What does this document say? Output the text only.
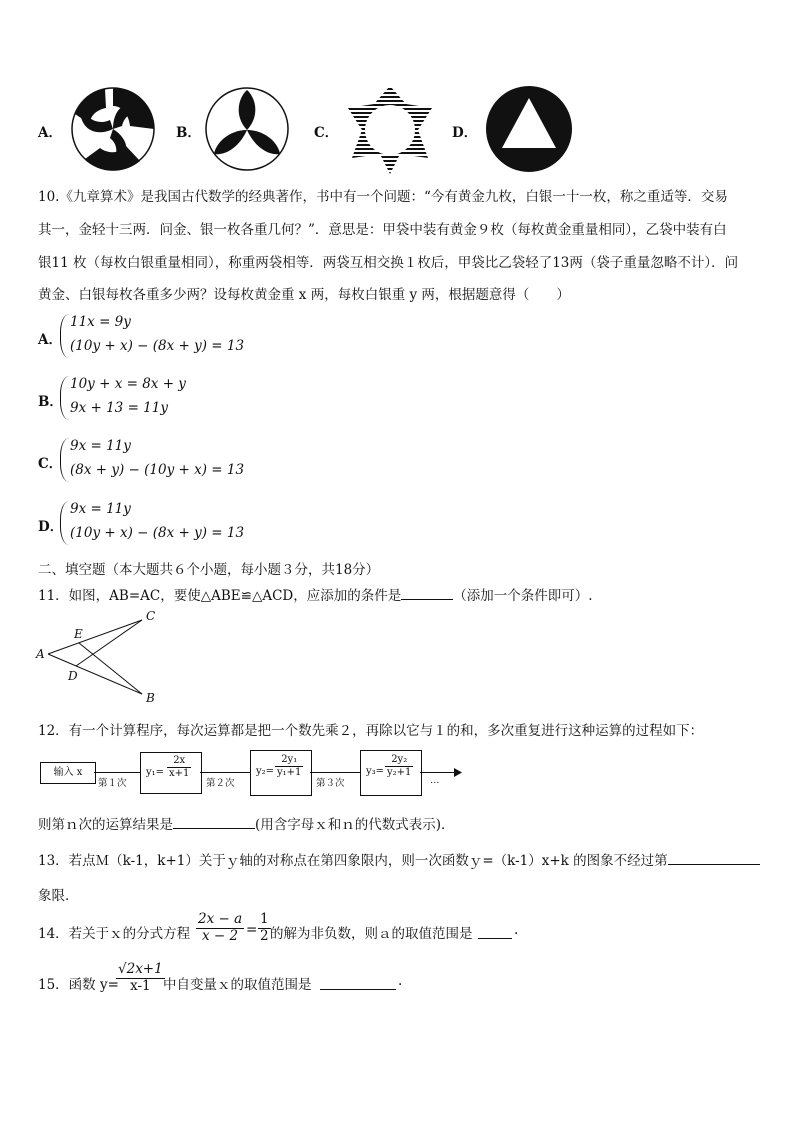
A．	B．	C．	D．
10.《九章算术》是我国古代数学的经典著作，书中有一个问题：“今有黄金九枚，白银一十一枚，称之重适等．交易
其一，金轻十三两．问金、银一枚各重几何？”．意思是：甲袋中装有黄金９枚（每枚黄金重量相同），乙袋中装有白
银11 枚（每枚白银重量相同），称重两袋相等．两袋互相交换１枚后，甲袋比乙袋轻了13两（袋子重量忽略不计）．问
黄金、白银每枚各重多少两？设每枚黄金重 x 两，每枚白银重 y 两，根据题意得（　　）
A．
11x = 9y
(10y + x) − (8x + y) = 13
B．
10y + x = 8x + y
9x + 13 = 11y
C．
9x = 11y
(8x + y) − (10y + x) = 13
D．
9x = 11y
(10y + x) − (8x + y) = 13
二、填空题（本大题共６个小题，每小题３分，共18分）
11．如图，AB=AC，要使△ABE≌△ACD，应添加的条件是	（添加一个条件即可）.
A
C
B
E
D
12．有一个计算程序，每次运算都是把一个数先乘２，再除以它与１的和，多次重复进行这种运算的过程如下：
输入 x
第１次
$y_1= \frac{2x}{x+1}$
第２次
$y_2= \frac{\text{2y₁}}{\text{y₁+1}}$
第３次
$y_3= \frac{\text{2y₂}}{\text{y₂+1}}$
…
则第ｎ次的运算结果是	(用含字母ｘ和ｎ的代数式表示)．
13．若点Ｍ（k-1，k+1）关于ｙ轴的对称点在第四象限内，则一次函数ｙ=（k-1）x+k 的图象不经过第
象限．
14．若关于ｘ的分式方程 $\frac{2x - a}{x - 2} = \frac{1}{2}$ 的解为非负数，则ａ的取值范围是	.
15．函数 y=
$\frac{√2x+1}{x-1}$
中自变量ｘ的取值范围是	.
